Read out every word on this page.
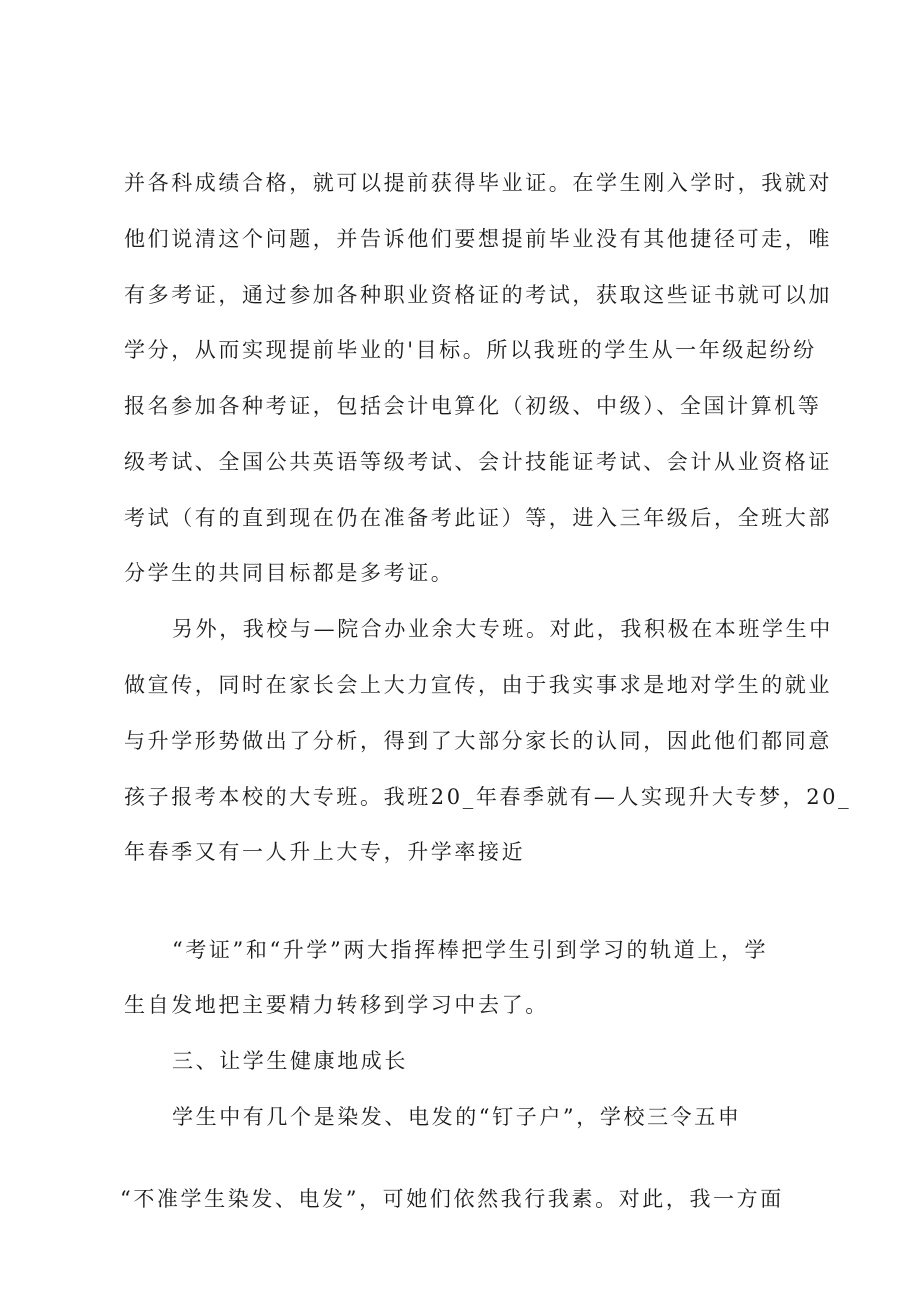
并各科成绩合格，就可以提前获得毕业证。在学生刚入学时，我就对
他们说清这个问题，并告诉他们要想提前毕业没有其他捷径可走，唯
有多考证，通过参加各种职业资格证的考试，获取这些证书就可以加
学分，从而实现提前毕业的'目标。所以我班的学生从一年级起纷纷
报名参加各种考证，包括会计电算化（初级、中级）、全国计算机等
级考试、全国公共英语等级考试、会计技能证考试、会计从业资格证
考试（有的直到现在仍在准备考此证）等，进入三年级后，全班大部
分学生的共同目标都是多考证。
另外，我校与—院合办业余大专班。对此，我积极在本班学生中
做宣传，同时在家长会上大力宣传，由于我实事求是地对学生的就业
与升学形势做出了分析，得到了大部分家长的认同，因此他们都同意
孩子报考本校的大专班。我班20_年春季就有—人实现升大专梦，20_
年春季又有一人升上大专，升学率接近
“考证”和“升学”两大指挥棒把学生引到学习的轨道上，学
生自发地把主要精力转移到学习中去了。
三、让学生健康地成长
学生中有几个是染发、电发的“钉子户”，学校三令五申
“不准学生染发、电发”，可她们依然我行我素。对此，我一方面
